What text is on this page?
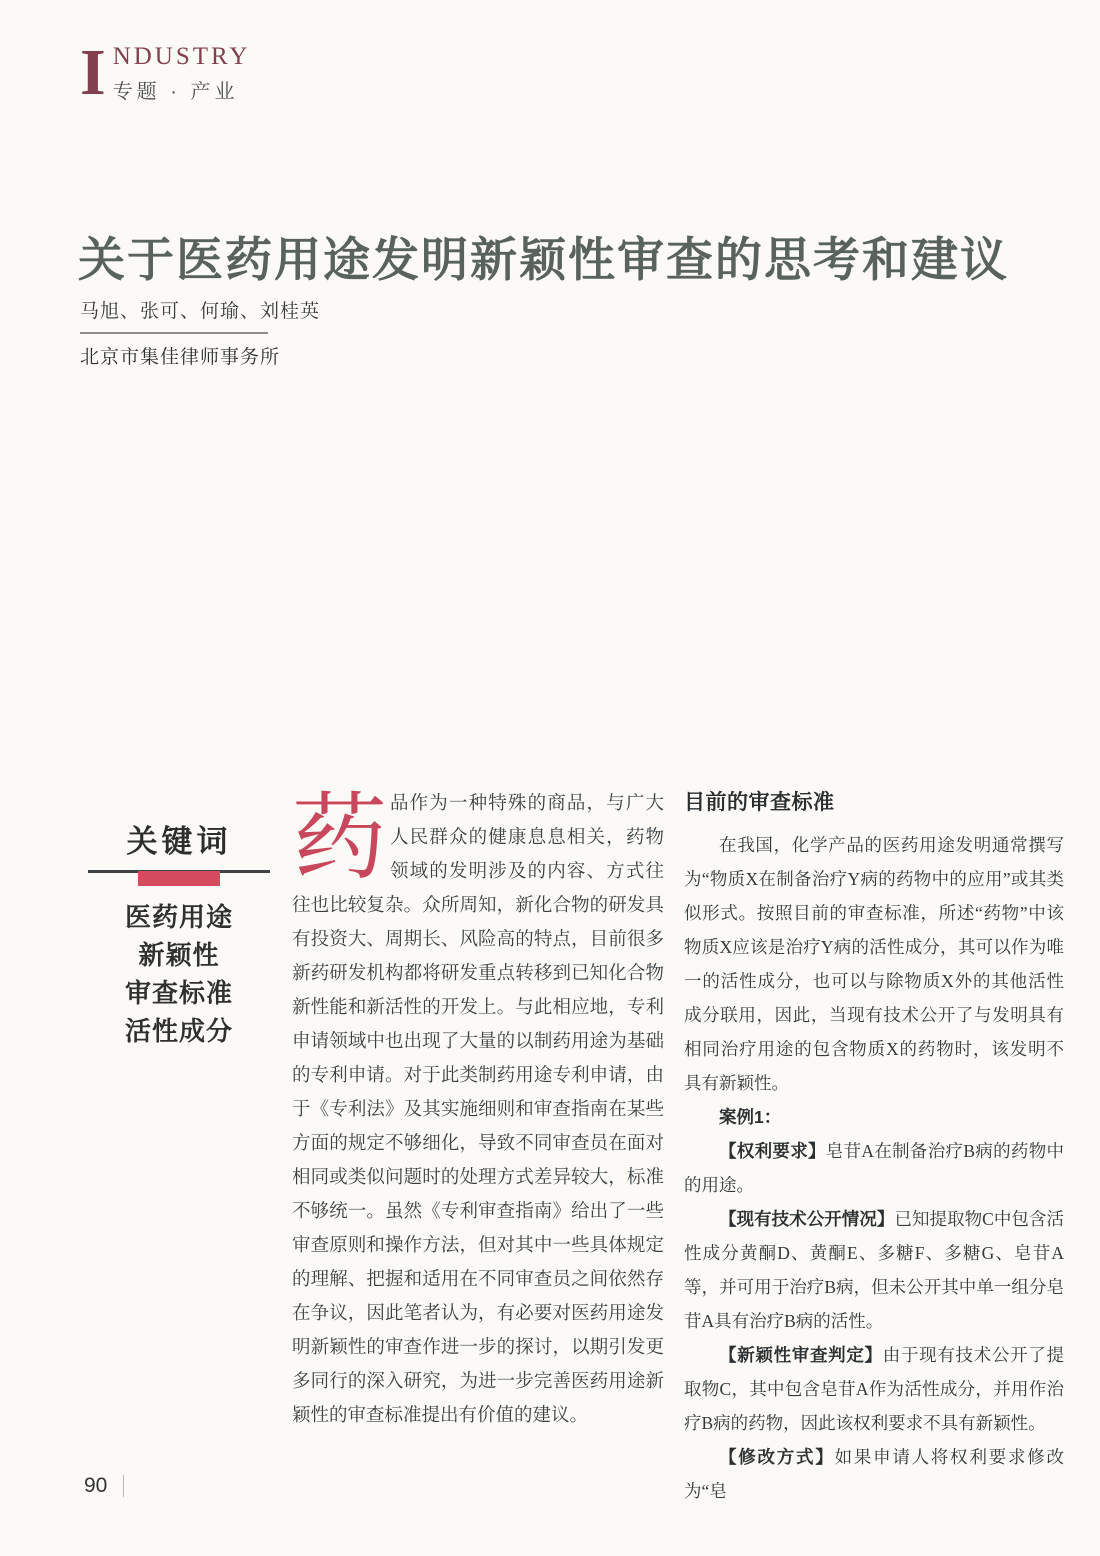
I NDUSTRY
专题 · 产业
关于医药用途发明新颖性审查的思考和建议
马旭、张可、何瑜、刘桂英
北京市集佳律师事务所
关键词
医药用途
新颖性
审查标准
活性成分
药 品作为一种特殊的商品，与广大人民群众的健康息息相关，药物领域的发明涉及的内容、方式往往也比较复杂。众所周知，新化合物的研发具有投资大、周期长、风险高的特点，目前很多新药研发机构都将研发重点转移到已知化合物新性能和新活性的开发上。与此相应地，专利申请领域中也出现了大量的以制药用途为基础的专利申请。对于此类制药用途专利申请，由于《专利法》及其实施细则和审查指南在某些方面的规定不够细化，导致不同审查员在面对相同或类似问题时的处理方式差异较大，标准不够统一。虽然《专利审查指南》给出了一些审查原则和操作方法，但对其中一些具体规定的理解、把握和适用在不同审查员之间依然存在争议，因此笔者认为，有必要对医药用途发明新颖性的审查作进一步的探讨，以期引发更多同行的深入研究，为进一步完善医药用途新颖性的审查标准提出有价值的建议。

目前的审查标准

在我国，化学产品的医药用途发明通常撰写为“物质X在制备治疗Y病的药物中的应用”或其类似形式。按照目前的审查标准，所述“药物”中该物质X应该是治疗Y病的活性成分，其可以作为唯一的活性成分，也可以与除物质X外的其他活性成分联用，因此，当现有技术公开了与发明具有相同治疗用途的包含物质X的药物时，该发明不具有新颖性。

案例1：

【权利要求】皂苷A在制备治疗B病的药物中的用途。

【现有技术公开情况】已知提取物C中包含活性成分黄酮D、黄酮E、多糖F、多糖G、皂苷A等，并可用于治疗B病，但未公开其中单一组分皂苷A具有治疗B病的活性。

【新颖性审查判定】由于现有技术公开了提取物C，其中包含皂苷A作为活性成分，并用作治疗B病的药物，因此该权利要求不具有新颖性。

【修改方式】如果申请人将权利要求修改为“皂

90
